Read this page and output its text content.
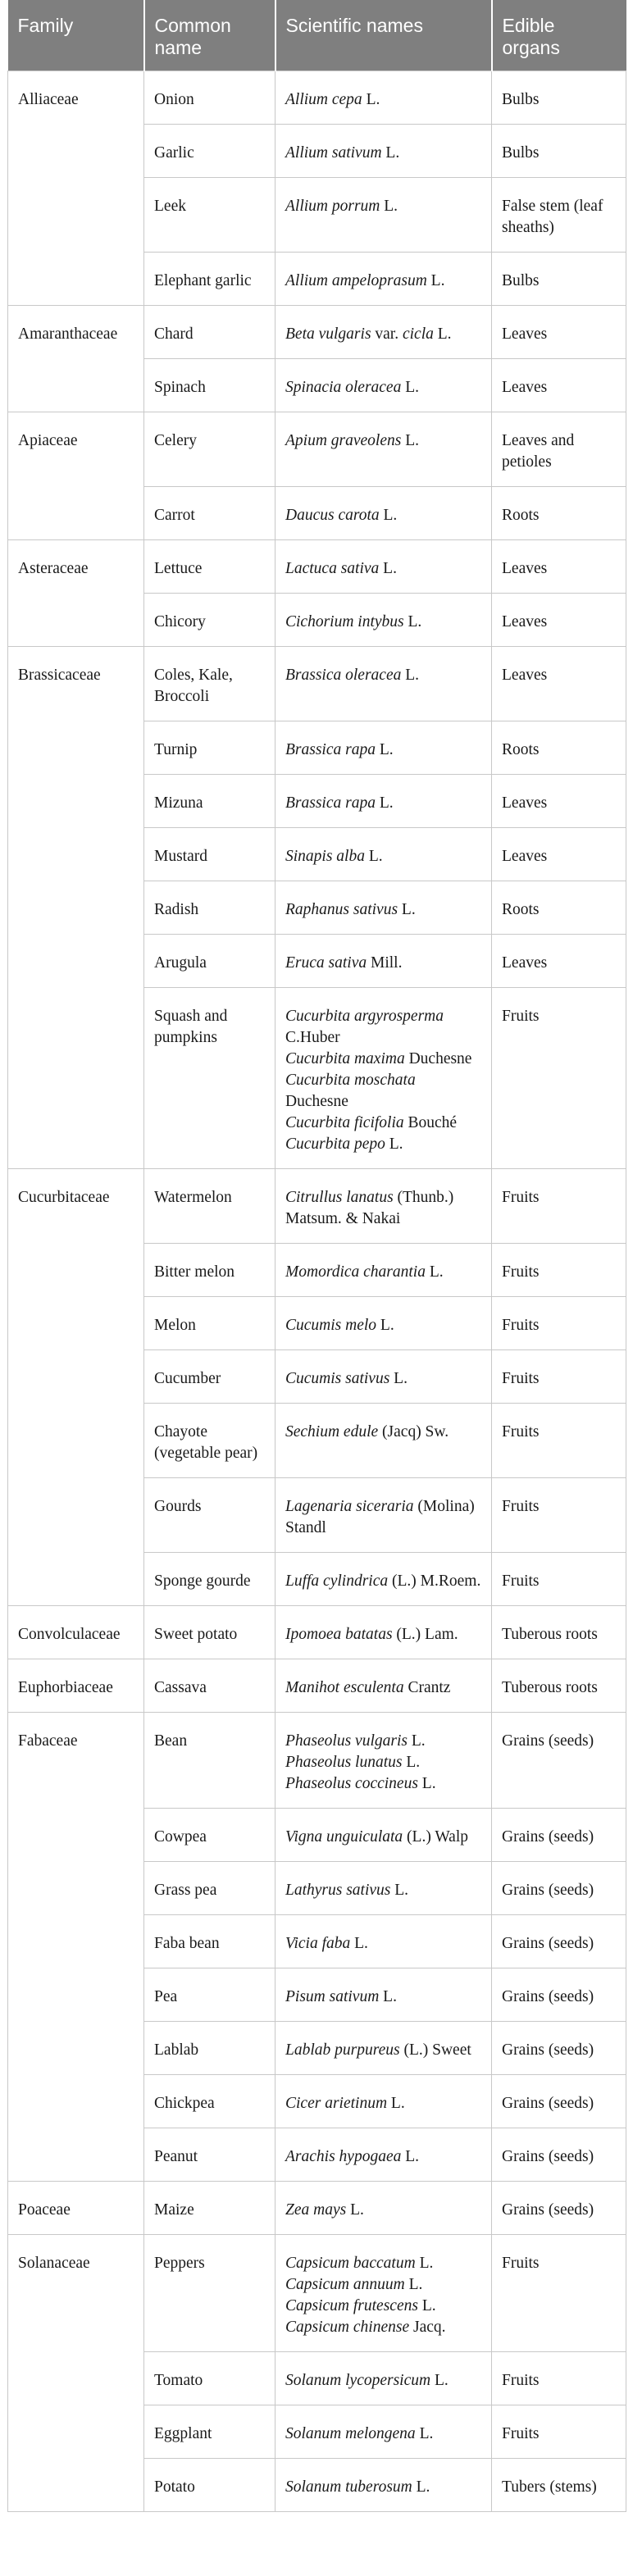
Family	Common name	Scientific names	Edible organs
Alliaceae	Onion	Allium cepa L.	Bulbs
	Garlic	Allium sativum L.	Bulbs
	Leek	Allium porrum L.	False stem (leaf sheaths)
	Elephant garlic	Allium ampeloprasum L.	Bulbs
Amaranthaceae	Chard	Beta vulgaris var. cicla L.	Leaves
	Spinach	Spinacia oleracea L.	Leaves
Apiaceae	Celery	Apium graveolens L.	Leaves and petioles
	Carrot	Daucus carota L.	Roots
Asteraceae	Lettuce	Lactuca sativa L.	Leaves
	Chicory	Cichorium intybus L.	Leaves
Brassicaceae	Coles, Kale, Broccoli	Brassica oleracea L.	Leaves
	Turnip	Brassica rapa L.	Roots
	Mizuna	Brassica rapa L.	Leaves
	Mustard	Sinapis alba L.	Leaves
	Radish	Raphanus sativus L.	Roots
	Arugula	Eruca sativa Mill.	Leaves
	Squash and pumpkins	Cucurbita argyrosperma C.Huber
Cucurbita maxima Duchesne
Cucurbita moschata Duchesne
Cucurbita ficifolia Bouché
Cucurbita pepo L.	Fruits
Cucurbitaceae	Watermelon	Citrullus lanatus (Thunb.) Matsum. & Nakai	Fruits
	Bitter melon	Momordica charantia L.	Fruits
	Melon	Cucumis melo L.	Fruits
	Cucumber	Cucumis sativus L.	Fruits
	Chayote (vegetable pear)	Sechium edule (Jacq) Sw.	Fruits
	Gourds	Lagenaria siceraria (Molina) Standl	Fruits
	Sponge gourde	Luffa cylindrica (L.) M.Roem.	Fruits
Convolculaceae	Sweet potato	Ipomoea batatas (L.) Lam.	Tuberous roots
Euphorbiaceae	Cassava	Manihot esculenta Crantz	Tuberous roots
Fabaceae	Bean	Phaseolus vulgaris L.
Phaseolus lunatus L.
Phaseolus coccineus L.	Grains (seeds)
	Cowpea	Vigna unguiculata (L.) Walp	Grains (seeds)
	Grass pea	Lathyrus sativus L.	Grains (seeds)
	Faba bean	Vicia faba L.	Grains (seeds)
	Pea	Pisum sativum L.	Grains (seeds)
	Lablab	Lablab purpureus (L.) Sweet	Grains (seeds)
	Chickpea	Cicer arietinum L.	Grains (seeds)
	Peanut	Arachis hypogaea L.	Grains (seeds)
Poaceae	Maize	Zea mays L.	Grains (seeds)
Solanaceae	Peppers	Capsicum baccatum L.
Capsicum annuum L.
Capsicum frutescens L.
Capsicum chinense Jacq.	Fruits
	Tomato	Solanum lycopersicum L.	Fruits
	Eggplant	Solanum melongena L.	Fruits
	Potato	Solanum tuberosum L.	Tubers (stems)
